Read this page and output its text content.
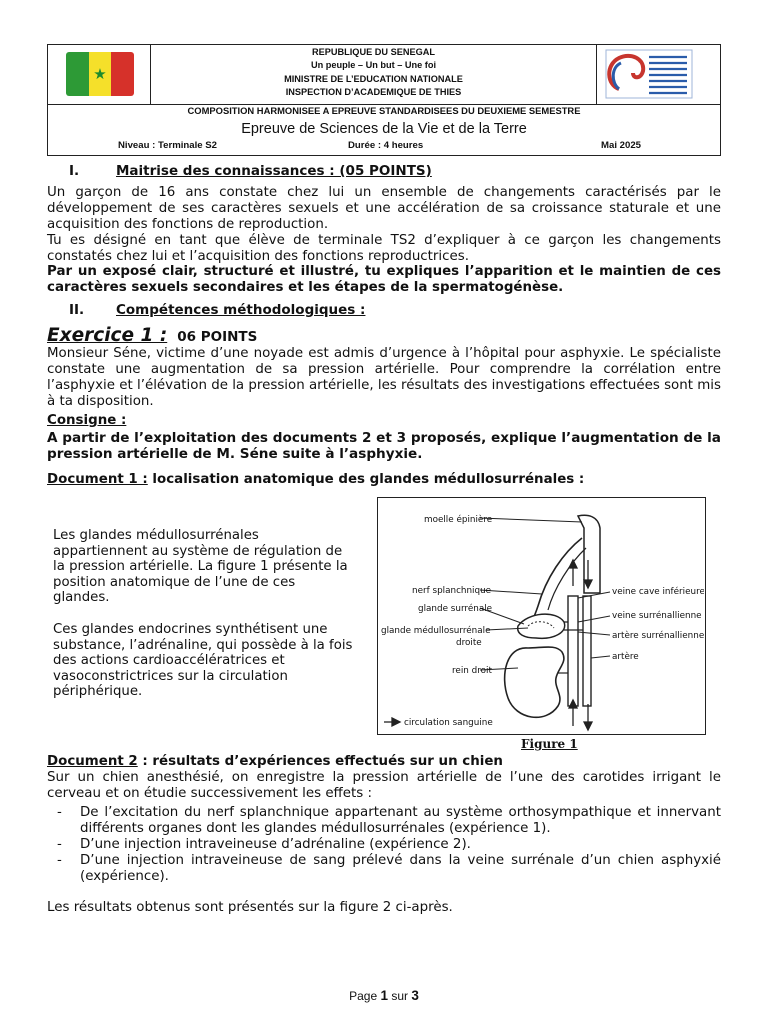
★
REPUBLIQUE DU SENEGAL
Un peuple – Un but – Une foi
MINISTRE DE L’EDUCATION NATIONALE
INSPECTION D’ACADEMIQUE DE THIES
COMPOSITION HARMONISEE A EPREUVE STANDARDISEES DU DEUXIEME SEMESTRE
Epreuve de Sciences de la Vie et de la Terre
Niveau : Terminale S2	Durée : 4 heures	Mai 2025
I.	Maitrise des connaissances : (05 POINTS)
Un garçon de 16 ans constate chez lui un ensemble de changements caractérisés par le développement de ses caractères sexuels et une accélération de sa croissance staturale et une acquisition des fonctions de reproduction.
Tu es désigné en tant que élève de terminale TS2 d’expliquer à ce garçon les changements constatés chez lui et l’acquisition des fonctions reproductrices.
Par un exposé clair, structuré et illustré, tu expliques l’apparition et le maintien de ces caractères sexuels secondaires et les étapes de la spermatogénèse.
II. Compétences méthodologiques :
Exercice 1 : 06 POINTS
Monsieur Séne, victime d’une noyade est admis d’urgence à l’hôpital pour asphyxie. Le spécialiste constate une augmentation de sa pression artérielle. Pour comprendre la corrélation entre l’asphyxie et l’élévation de la pression artérielle, les résultats des investigations effectuées sont mis à ta disposition.
Consigne :
A partir de l’exploitation des documents 2 et 3 proposés, explique l’augmentation de la pression artérielle de M. Séne suite à l’asphyxie.
Document 1 : localisation anatomique des glandes médullosurrénales :
Les glandes médullosurrénales appartiennent au système de régulation de la pression artérielle. La figure 1 présente la position anatomique de l’une de ces glandes.
Ces glandes endocrines synthétisent une substance, l’adrénaline, qui possède à la fois des actions cardioaccélératrices et vasoconstrictrices sur la circulation périphérique.
moelle épinière
nerf splanchnique
glande surrénale
glande médullosurrénale
droite
rein droit
circulation sanguine
veine cave inférieure
veine surrénallienne
artère surrénallienne
artère
Figure 1
Document 2 : résultats d’expériences effectués sur un chien
Sur un chien anesthésié, on enregistre la pression artérielle de l’une des carotides irrigant le cerveau et on étudie successivement les effets :
- De l’excitation du nerf splanchnique appartenant au système orthosympathique et innervant différents organes dont les glandes médullosurrénales (expérience 1).
- D’une injection intraveineuse d’adrénaline (expérience 2).
- D’une injection intraveineuse de sang prélevé dans la veine surrénale d’un chien asphyxié (expérience).
Les résultats obtenus sont présentés sur la figure 2 ci-après.
Page 1 sur 3
